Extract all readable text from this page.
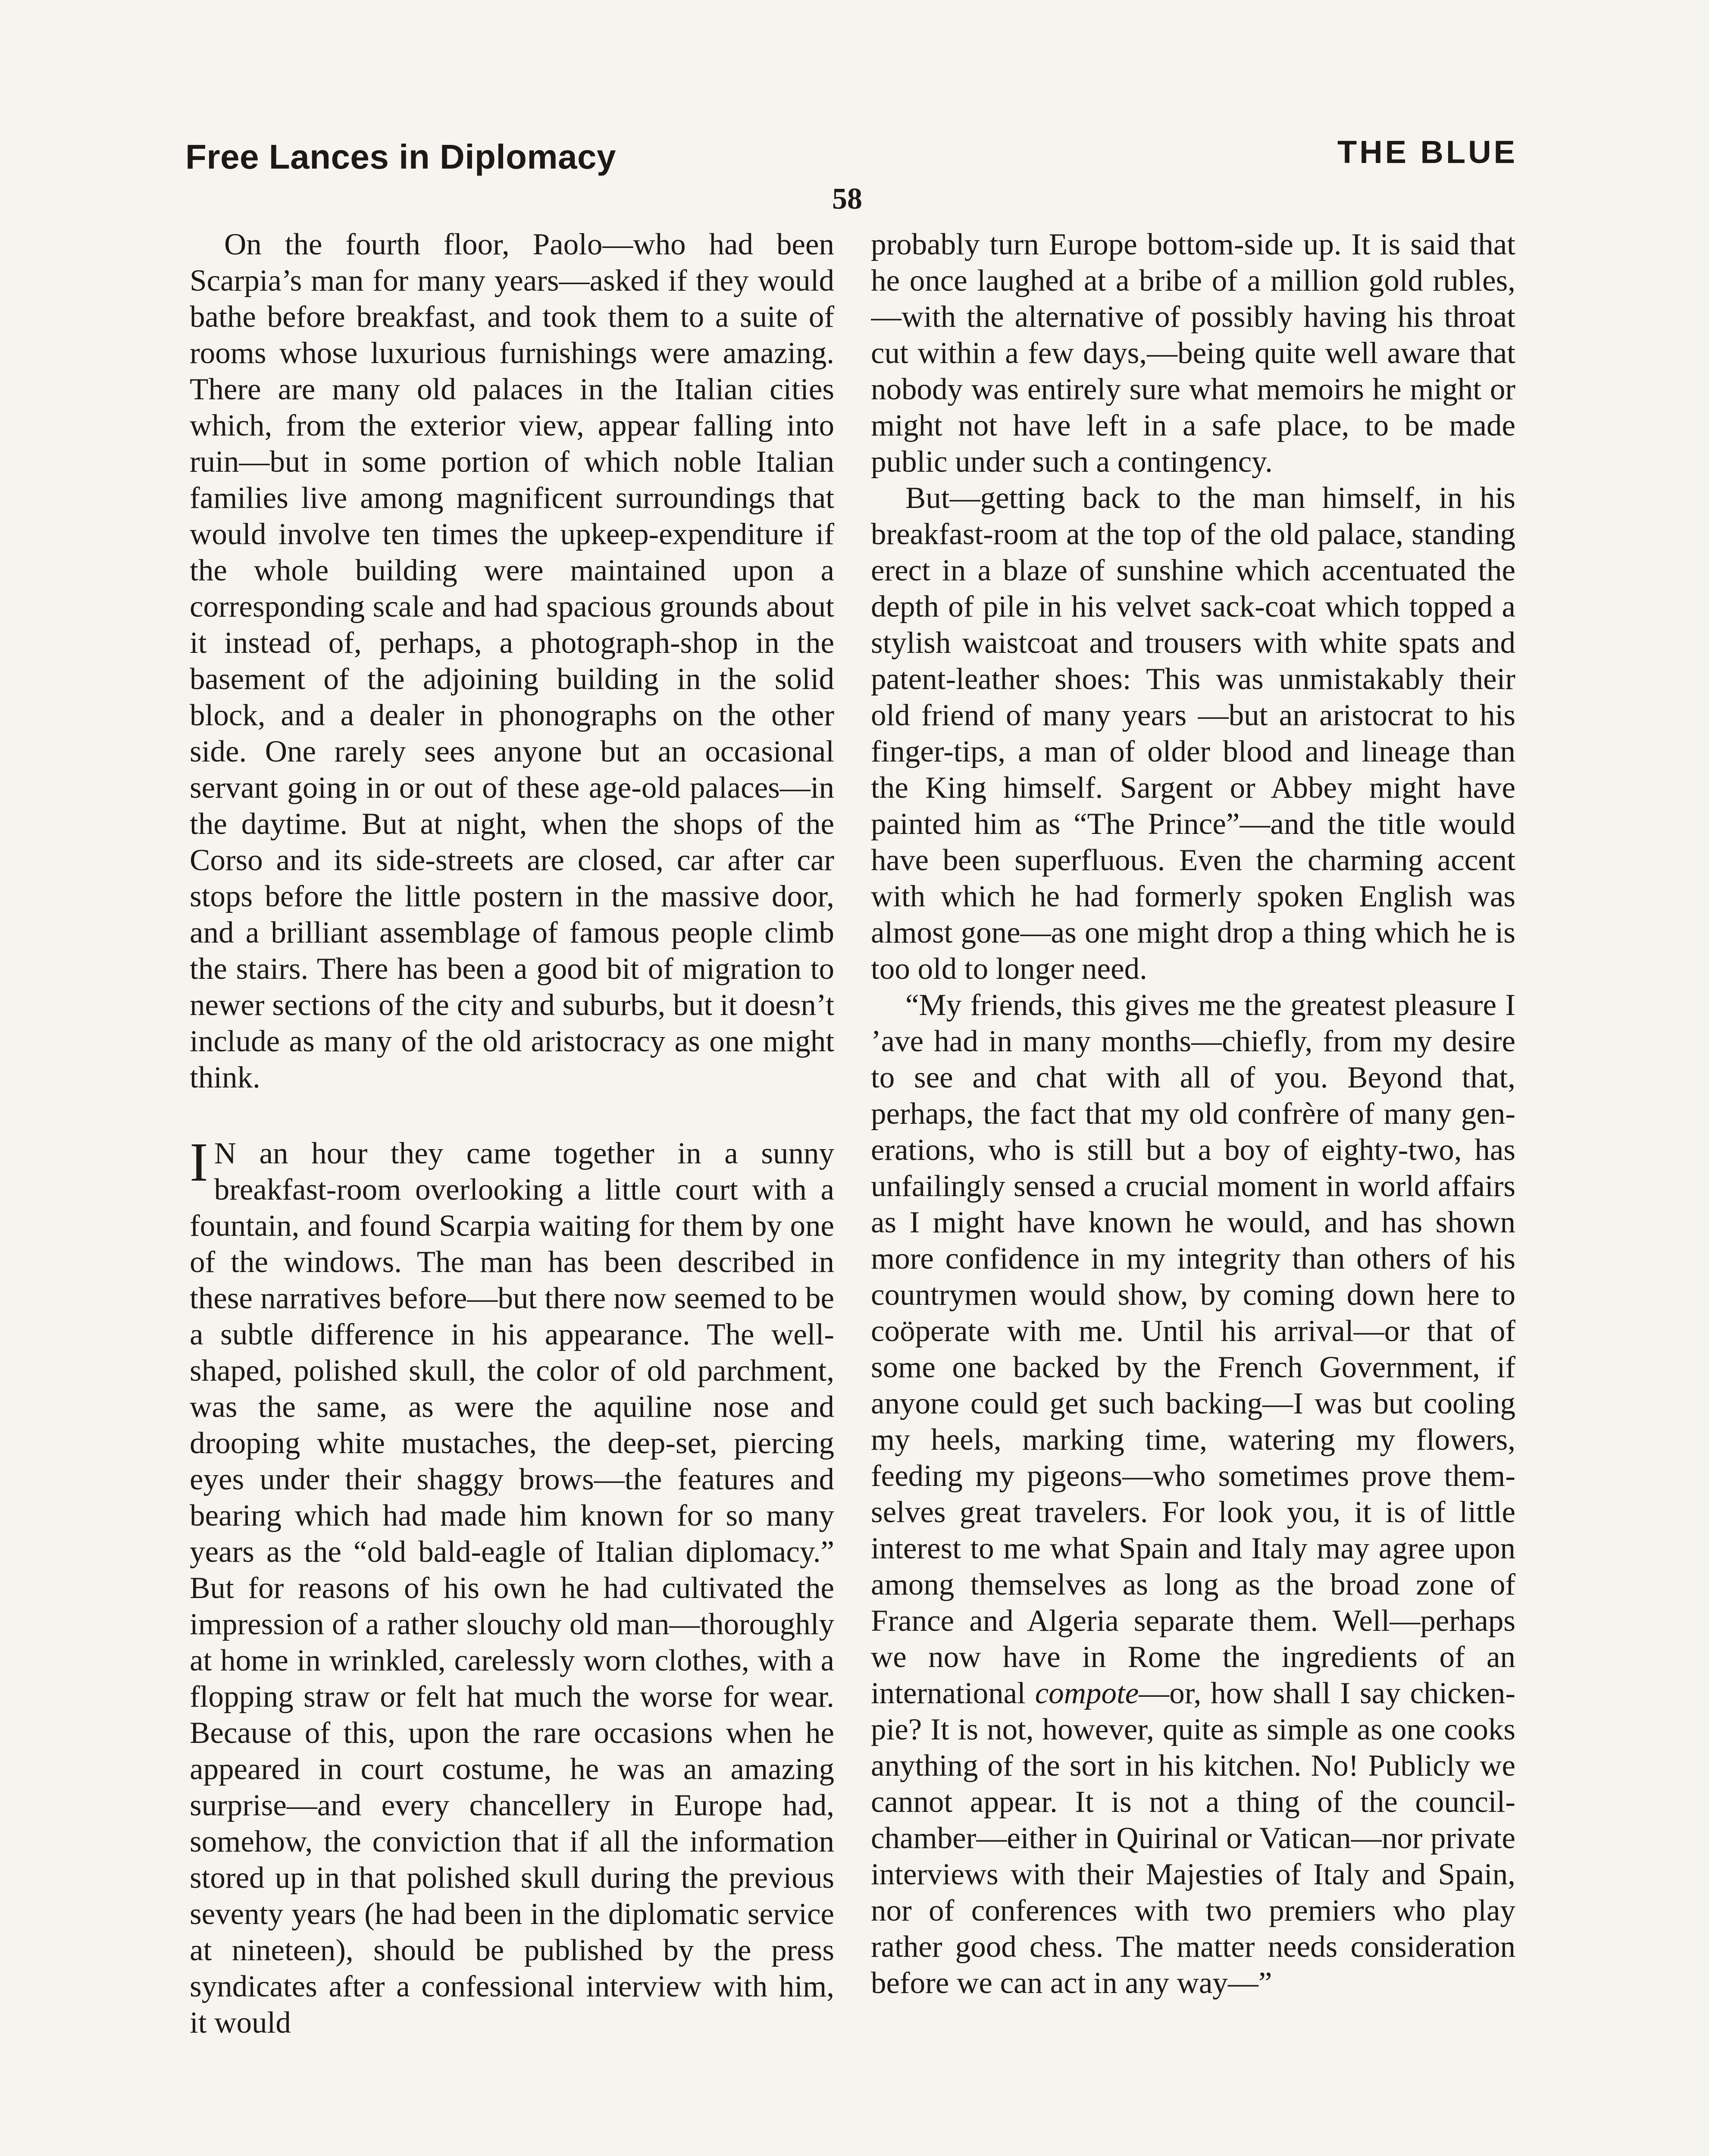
Free Lances in Diplomacy	THE BLUE
58

On the fourth floor, Paolo—who had been Scarpia’s man for many years—asked if they would bathe before breakfast, and took them to a suite of rooms whose luxurious furnishings were amazing. There are many old palaces in the Italian cities which, from the exterior view, appear falling into ruin—but in some portion of which noble Italian families live among magnificent surroundings that would involve ten times the upkeep-expenditure if the whole building were maintained upon a corresponding scale and had spacious grounds about it instead of, perhaps, a photograph-shop in the basement of the adjoining building in the solid block, and a dealer in phonographs on the other side. One rarely sees anyone but an occasional servant going in or out of these age-old palaces—in the daytime. But at night, when the shops of the Corso and its side-streets are closed, car after car stops before the little postern in the massive door, and a brilliant assemblage of famous people climb the stairs. There has been a good bit of migration to newer sections of the city and suburbs, but it doesn’t include as many of the old aristocracy as one might think.

I N an hour they came together in a sunny breakfast-room overlooking a little court with a fountain, and found Scarpia waiting for them by one of the windows. The man has been described in these narratives before—but there now seemed to be a subtle difference in his appearance. The well-shaped, polished skull, the color of old parchment, was the same, as were the aquiline nose and drooping white mustaches, the deep-set, piercing eyes under their shaggy brows—the features and bearing which had made him known for so many years as the “old bald-eagle of Italian diplomacy.” But for reasons of his own he had cultivated the impression of a rather slouchy old man—thoroughly at home in wrinkled, carelessly worn clothes, with a flopping straw or felt hat much the worse for wear. Because of this, upon the rare occasions when he appeared in court costume, he was an amazing surprise—and every chancellery in Europe had, somehow, the conviction that if all the information stored up in that polished skull during the previous seventy years (he had been in the diplomatic service at nineteen), should be published by the press syndicates after a confessional interview with him, it would

probably turn Europe bottom-side up. It is said that he once laughed at a bribe of a million gold rubles,—with the alternative of possibly having his throat cut within a few days,—being quite well aware that nobody was entirely sure what memoirs he might or might not have left in a safe place, to be made public under such a contingency.

But—getting back to the man himself, in his breakfast-room at the top of the old palace, standing erect in a blaze of sunshine which accentuated the depth of pile in his velvet sack-coat which topped a stylish waistcoat and trousers with white spats and patent-leather shoes: This was unmistakably their old friend of many years —but an aristocrat to his finger-tips, a man of older blood and lineage than the King himself. Sargent or Abbey might have painted him as “The Prince”—and the title would have been superfluous. Even the charming accent with which he had formerly spoken English was almost gone—as one might drop a thing which he is too old to longer need.

“My friends, this gives me the greatest pleasure I ’ave had in many months—chiefly, from my desire to see and chat with all of you. Beyond that, perhaps, the fact that my old confrère of many generations, who is still but a boy of eighty-two, has unfailingly sensed a crucial moment in world affairs as I might have known he would, and has shown more confidence in my integrity than others of his countrymen would show, by coming down here to coöperate with me. Until his arrival—or that of some one backed by the French Government, if anyone could get such backing—I was but cooling my heels, marking time, watering my flowers, feeding my pigeons—who sometimes prove themselves great travelers. For look you, it is of little interest to me what Spain and Italy may agree upon among themselves as long as the broad zone of France and Algeria separate them. Well—perhaps we now have in Rome the ingredients of an international compote—or, how shall I say chicken-pie? It is not, however, quite as simple as one cooks anything of the sort in his kitchen. No! Publicly we cannot appear. It is not a thing of the council-chamber—either in Quirinal or Vatican—nor private interviews with their Majesties of Italy and Spain, nor of conferences with two premiers who play rather good chess. The matter needs consideration before we can act in any way—”
